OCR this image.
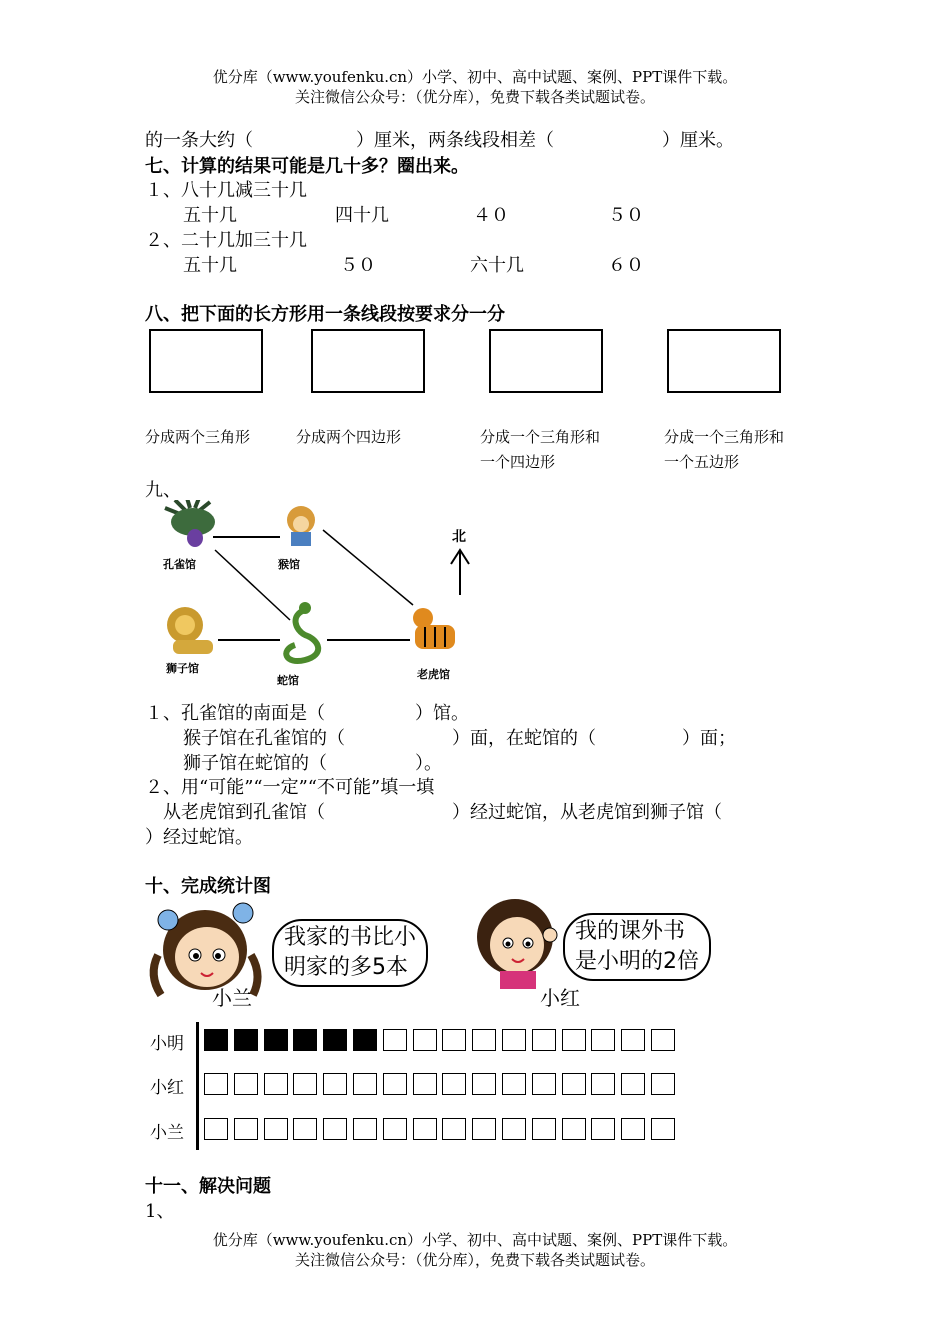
优分库（www.youfenku.cn）小学、初中、高中试题、案例、PPT课件下载。
关注微信公众号：（优分库），免费下载各类试题试卷。
的一条大约（	）厘米，两条线段相差（	）厘米。
七、计算的结果可能是几十多？圈出来。
１、八十几减三十几
五十几	四十几	４０	５０
２、二十几加三十几
五十几	５０	六十几	６０
八、把下面的长方形用一条线段按要求分一分
分成两个三角形	分成两个四边形	分成一个三角形和
一个四边形
分成一个三角形和
一个五边形
九、
孔雀馆	猴馆
狮子馆
蛇馆	老虎馆
北
１、孔雀馆的南面是（	）馆。
猴子馆在孔雀馆的（	）面，在蛇馆的（	）面；
狮子馆在蛇馆的（	）。
２、用“可能”“一定”“不可能”填一填
从老虎馆到孔雀馆（	）经过蛇馆，从老虎馆到狮子馆（
）经过蛇馆。
十、完成统计图
我家的书比小
明家的多5本
小兰
我的课外书
是小明的2倍
小红
小明
小红
小兰
十一、解决问题
1、
优分库（www.youfenku.cn）小学、初中、高中试题、案例、PPT课件下载。
关注微信公众号：（优分库），免费下载各类试题试卷。
